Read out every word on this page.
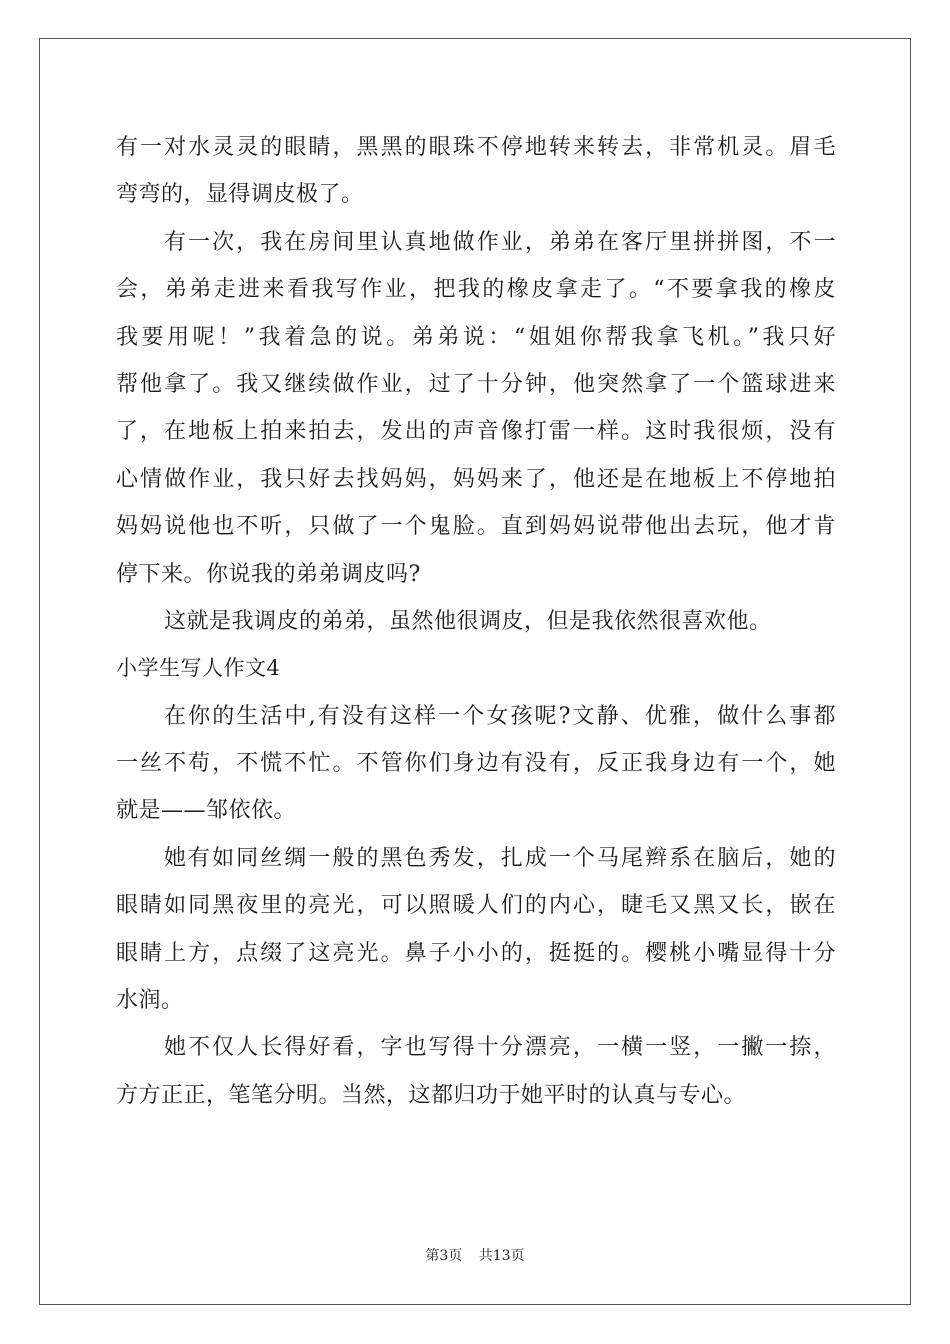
有一对水灵灵的眼睛，黑黑的眼珠不停地转来转去，非常机灵。眉毛
弯弯的，显得调皮极了。
有一次，我在房间里认真地做作业，弟弟在客厅里拼拼图，不一
会，弟弟走进来看我写作业，把我的橡皮拿走了。“不要拿我的橡皮
我要用呢！”我着急的说。弟弟说：“姐姐你帮我拿飞机。”我只好
帮他拿了。我又继续做作业，过了十分钟，他突然拿了一个篮球进来
了，在地板上拍来拍去，发出的声音像打雷一样。这时我很烦，没有
心情做作业，我只好去找妈妈，妈妈来了，他还是在地板上不停地拍
妈妈说他也不听，只做了一个鬼脸。直到妈妈说带他出去玩，他才肯
停下来。你说我的弟弟调皮吗?
这就是我调皮的弟弟，虽然他很调皮，但是我依然很喜欢他。
小学生写人作文4
在你的生活中,有没有这样一个女孩呢?文静、优雅，做什么事都
一丝不苟，不慌不忙。不管你们身边有没有，反正我身边有一个，她
就是——邹依依。
她有如同丝绸一般的黑色秀发，扎成一个马尾辫系在脑后，她的
眼睛如同黑夜里的亮光，可以照暖人们的内心，睫毛又黑又长，嵌在
眼睛上方，点缀了这亮光。鼻子小小的，挺挺的。樱桃小嘴显得十分
水润。
她不仅人长得好看，字也写得十分漂亮，一横一竖，一撇一捺，
方方正正，笔笔分明。当然，这都归功于她平时的认真与专心。
第3页 共13页
